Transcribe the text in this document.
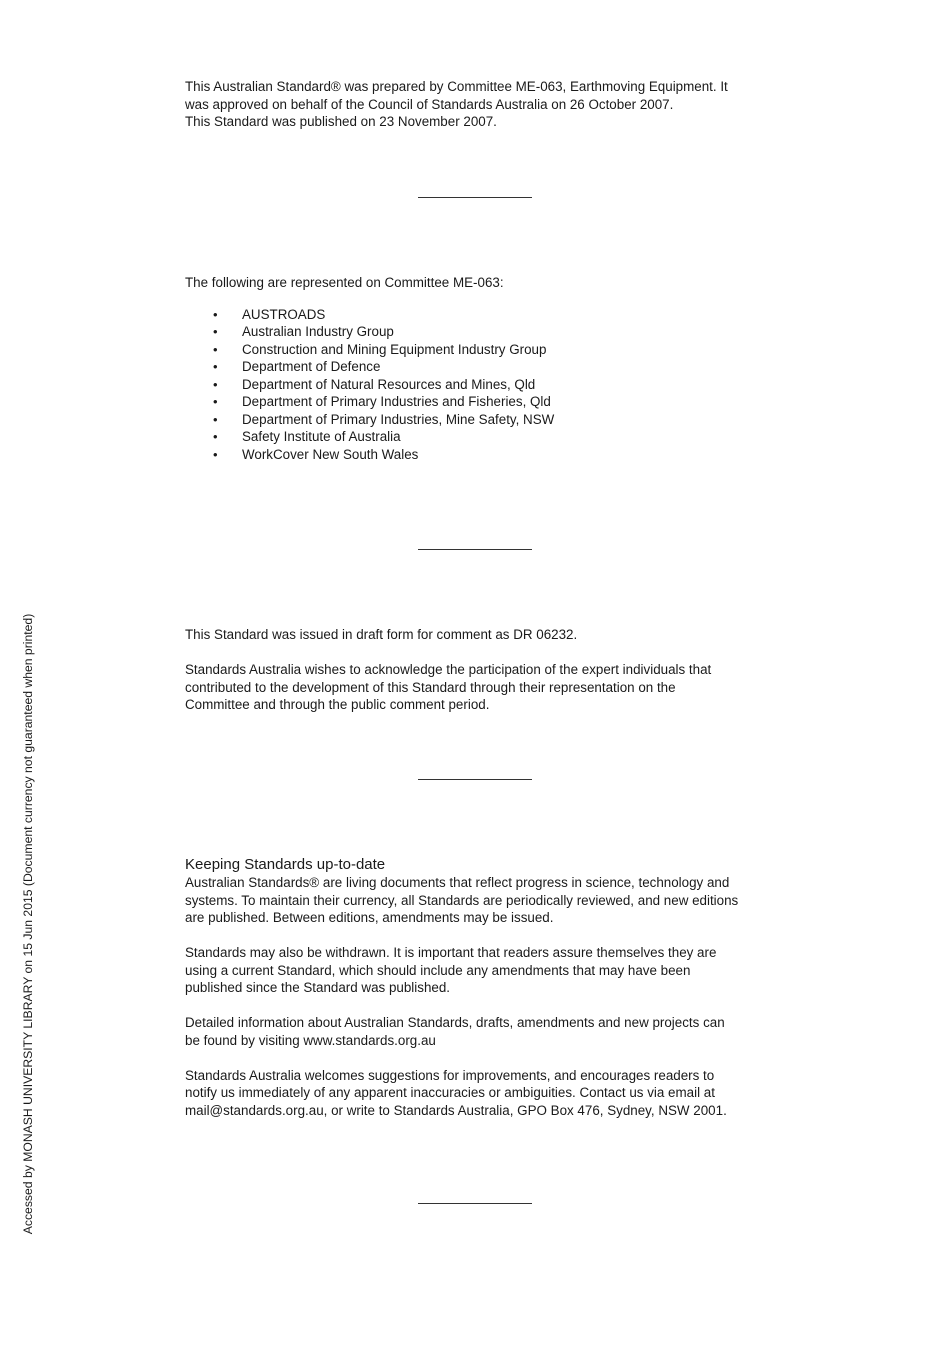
This Australian Standard® was prepared by Committee ME-063, Earthmoving Equipment. It
was approved on behalf of the Council of Standards Australia on 26 October 2007.
This Standard was published on 23 November 2007.

The following are represented on Committee ME-063:

• AUSTROADS
• Australian Industry Group
• Construction and Mining Equipment Industry Group
• Department of Defence
• Department of Natural Resources and Mines, Qld
• Department of Primary Industries and Fisheries, Qld
• Department of Primary Industries, Mine Safety, NSW
• Safety Institute of Australia
• WorkCover New South Wales

This Standard was issued in draft form for comment as DR 06232.

Standards Australia wishes to acknowledge the participation of the expert individuals that
contributed to the development of this Standard through their representation on the
Committee and through the public comment period.

Keeping Standards up-to-date

Australian Standards® are living documents that reflect progress in science, technology and
systems. To maintain their currency, all Standards are periodically reviewed, and new editions
are published. Between editions, amendments may be issued.

Standards may also be withdrawn. It is important that readers assure themselves they are
using a current Standard, which should include any amendments that may have been
published since the Standard was published.

Detailed information about Australian Standards, drafts, amendments and new projects can
be found by visiting www.standards.org.au

Standards Australia welcomes suggestions for improvements, and encourages readers to
notify us immediately of any apparent inaccuracies or ambiguities. Contact us via email at
mail@standards.org.au, or write to Standards Australia, GPO Box 476, Sydney, NSW 2001.

Accessed by MONASH UNIVERSITY LIBRARY on 15 Jun 2015 (Document currency not guaranteed when printed)
